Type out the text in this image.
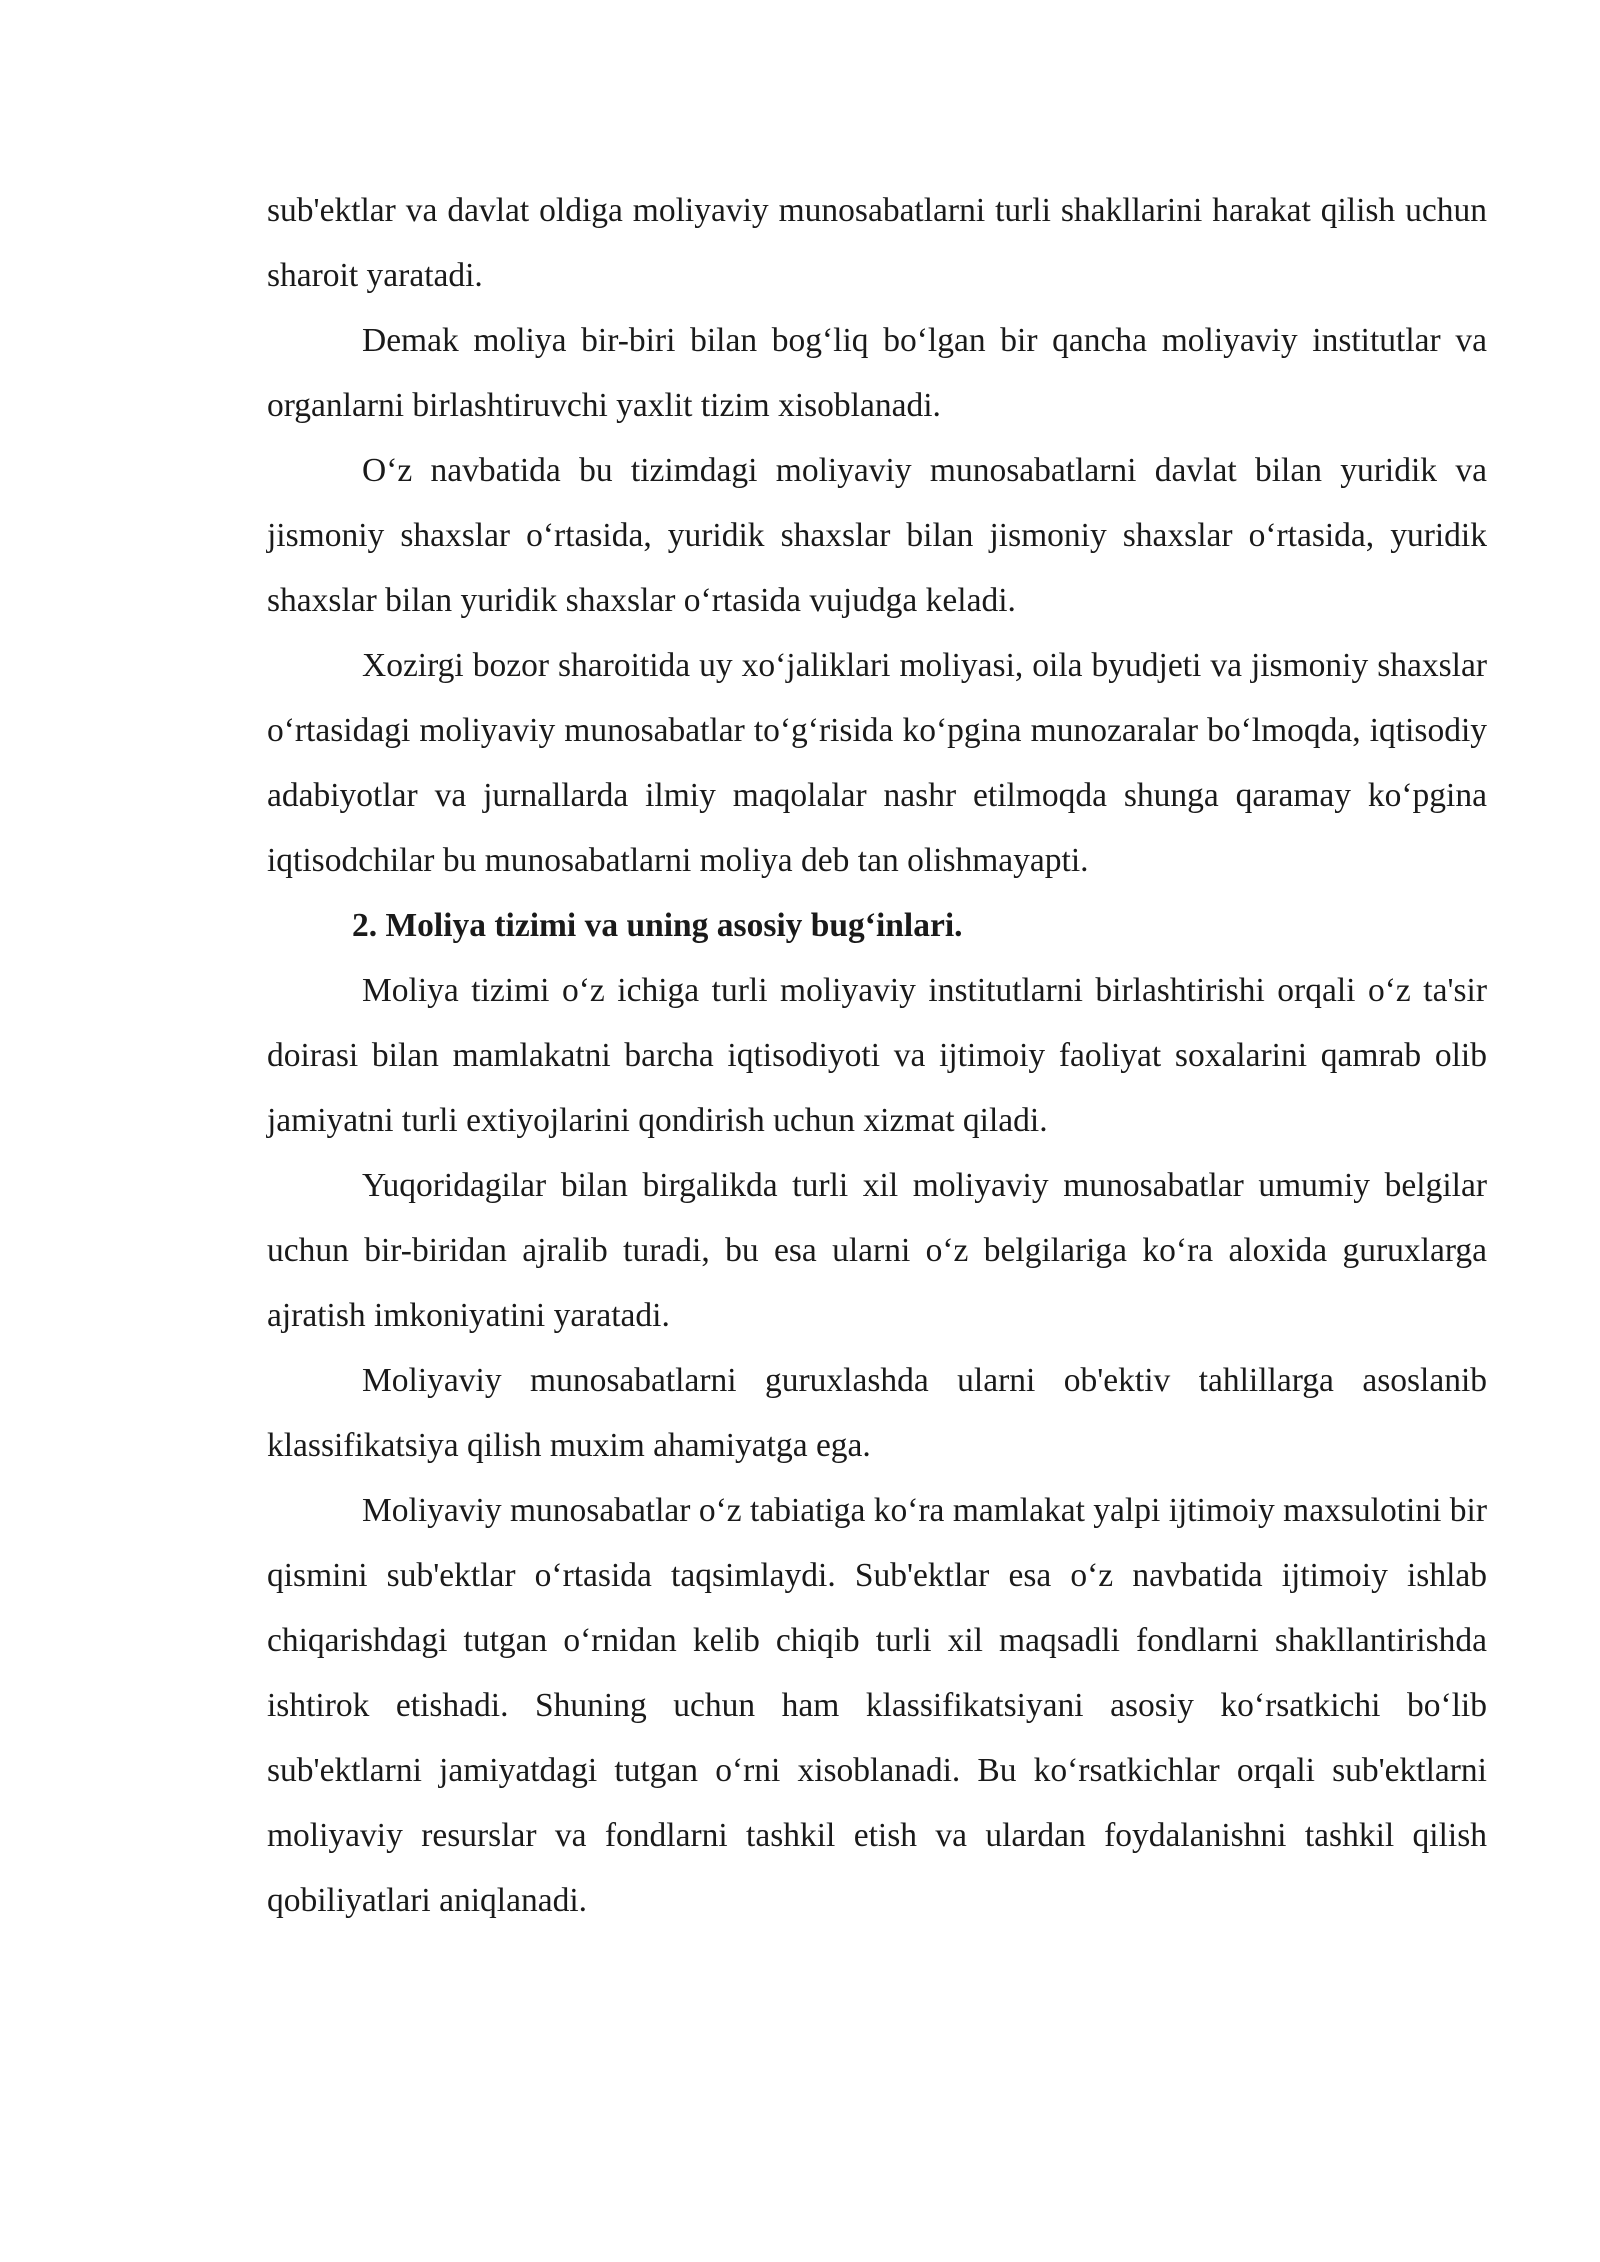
sub'ektlar va davlat oldiga moliyaviy munosabatlarni turli shakllarini harakat qilish uchun sharoit yaratadi.

Demak moliya bir-biri bilan bog‘liq bo‘lgan bir qancha moliyaviy institutlar va organlarni birlashtiruvchi yaxlit tizim xisoblanadi.

O‘z navbatida bu tizimdagi moliyaviy munosabatlarni davlat bilan yuridik va jismoniy shaxslar o‘rtasida, yuridik shaxslar bilan jismoniy shaxslar o‘rtasida, yuridik shaxslar bilan yuridik shaxslar o‘rtasida vujudga keladi.

Xozirgi bozor sharoitida uy xo‘jaliklari moliyasi, oila byudjeti va jismoniy shaxslar o‘rtasidagi moliyaviy munosabatlar to‘g‘risida ko‘pgina munozaralar bo‘lmoqda, iqtisodiy adabiyotlar va jurnallarda ilmiy maqolalar nashr etilmoqda shunga qaramay ko‘pgina iqtisodchilar bu munosabatlarni moliya deb tan olishmayapti.

2. Moliya tizimi va uning asosiy bug‘inlari.

Moliya tizimi o‘z ichiga turli moliyaviy institutlarni birlashtirishi orqali o‘z ta'sir doirasi bilan mamlakatni barcha iqtisodiyoti va ijtimoiy faoliyat soxalarini qamrab olib jamiyatni turli extiyojlarini qondirish uchun xizmat qiladi.

Yuqoridagilar bilan birgalikda turli xil moliyaviy munosabatlar umumiy belgilar uchun bir-biridan ajralib turadi, bu esa ularni o‘z belgilariga ko‘ra aloxida guruxlarga ajratish imkoniyatini yaratadi.

Moliyaviy munosabatlarni guruxlashda ularni ob'ektiv tahlillarga asoslanib klassifikatsiya qilish muxim ahamiyatga ega.

Moliyaviy munosabatlar o‘z tabiatiga ko‘ra mamlakat yalpi ijtimoiy maxsulotini bir qismini sub'ektlar o‘rtasida taqsimlaydi. Sub'ektlar esa o‘z navbatida ijtimoiy ishlab chiqarishdagi tutgan o‘rnidan kelib chiqib turli xil maqsadli fondlarni shakllantirishda ishtirok etishadi. Shuning uchun ham klassifikatsiyani asosiy ko‘rsatkichi bo‘lib sub'ektlarni jamiyatdagi tutgan o‘rni xisoblanadi. Bu ko‘rsatkichlar orqali sub'ektlarni moliyaviy resurslar va fondlarni tashkil etish va ulardan foydalanishni tashkil qilish qobiliyatlari aniqlanadi.
